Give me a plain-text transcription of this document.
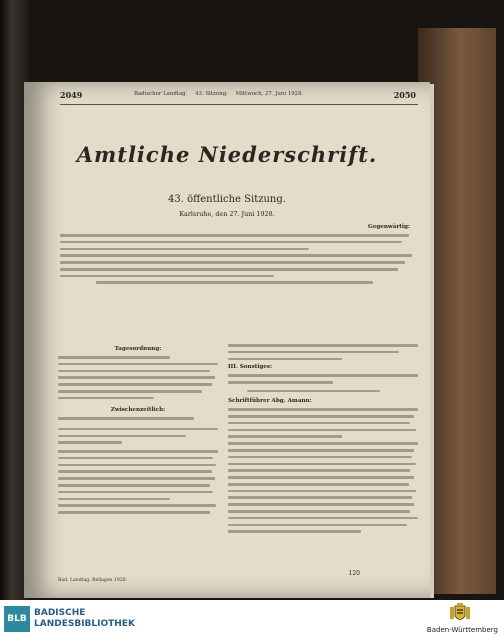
2049	Badischer Landtag. 43. Sitzung. Mittwoch, 27. Juni 1928.	2050
Amtliche Niederschrift.
43. öffentliche Sitzung.
Karlsruhe, den 27. Juni 1928.
Gegenwärtig:
Tagesordnung:
Zwischenzeitlich:
III. Sonstiges:
Schriftführer Abg. Amann:
120
Bad. Landtag. Beilagen 1928.
BLB
BADISCHE
LANDESBIBLIOTHEK
Baden-Württemberg
